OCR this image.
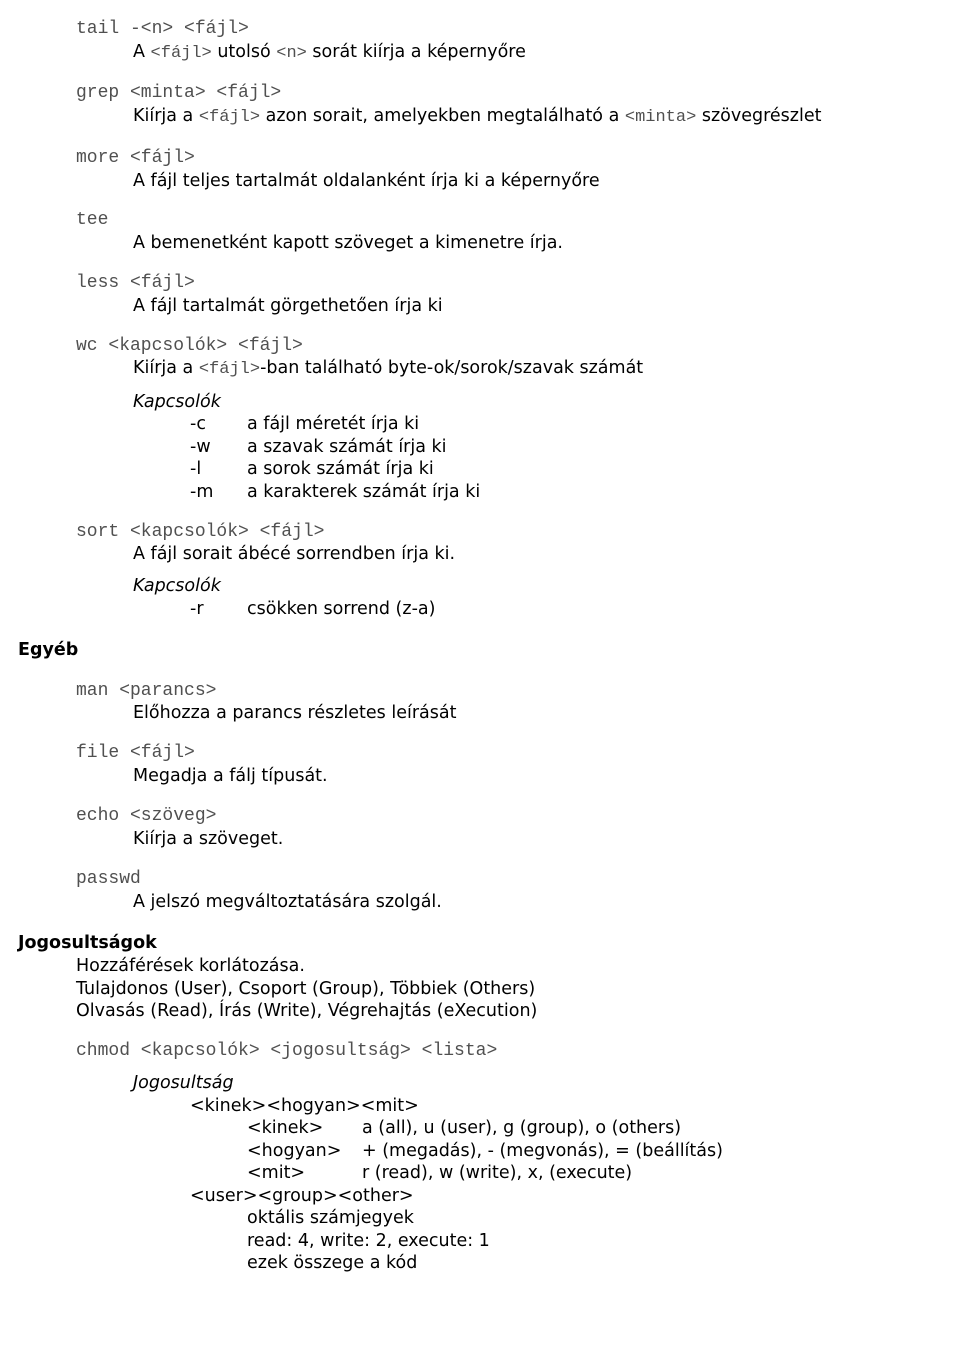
tail -<n> <fájl>
A <fájl> utolsó <n> sorát kiírja a képernyőre
grep <minta> <fájl>
Kiírja a <fájl> azon sorait, amelyekben megtalálható a <minta> szövegrészlet
more <fájl>
A fájl teljes tartalmát oldalanként írja ki a képernyőre
tee
A bemenetként kapott szöveget a kimenetre írja.
less <fájl>
A fájl tartalmát görgethetően írja ki
wc <kapcsolók> <fájl>
Kiírja a <fájl>-ban található byte-ok/sorok/szavak számát
Kapcsolók
-c a fájl méretét írja ki
-w a szavak számát írja ki
-l	a sorok számát írja ki
-m a karakterek számát írja ki
sort <kapcsolók> <fájl>
A fájl sorait ábécé sorrendben írja ki.
Kapcsolók
-r csökken sorrend (z-a)
Egyéb
man <parancs>
Előhozza a parancs részletes leírását
file <fájl>
Megadja a fálj típusát.
echo <szöveg>
Kiírja a szöveget.
passwd
A jelszó megváltoztatására szolgál.
Jogosultságok
Hozzáférések korlátozása.
Tulajdonos (User), Csoport (Group), Többiek (Others)
Olvasás (Read), Írás (Write), Végrehajtás (eXecution)
chmod <kapcsolók> <jogosultság> <lista>
Jogosultság
<kinek><hogyan><mit>
<kinek> a (all), u (user), g (group), o (others)
<hogyan> + (megadás), - (megvonás), = (beállítás)
<mit>	r (read), w (write), x, (execute)
<user><group><other>
oktális számjegyek
read: 4, write: 2, execute: 1
ezek összege a kód
